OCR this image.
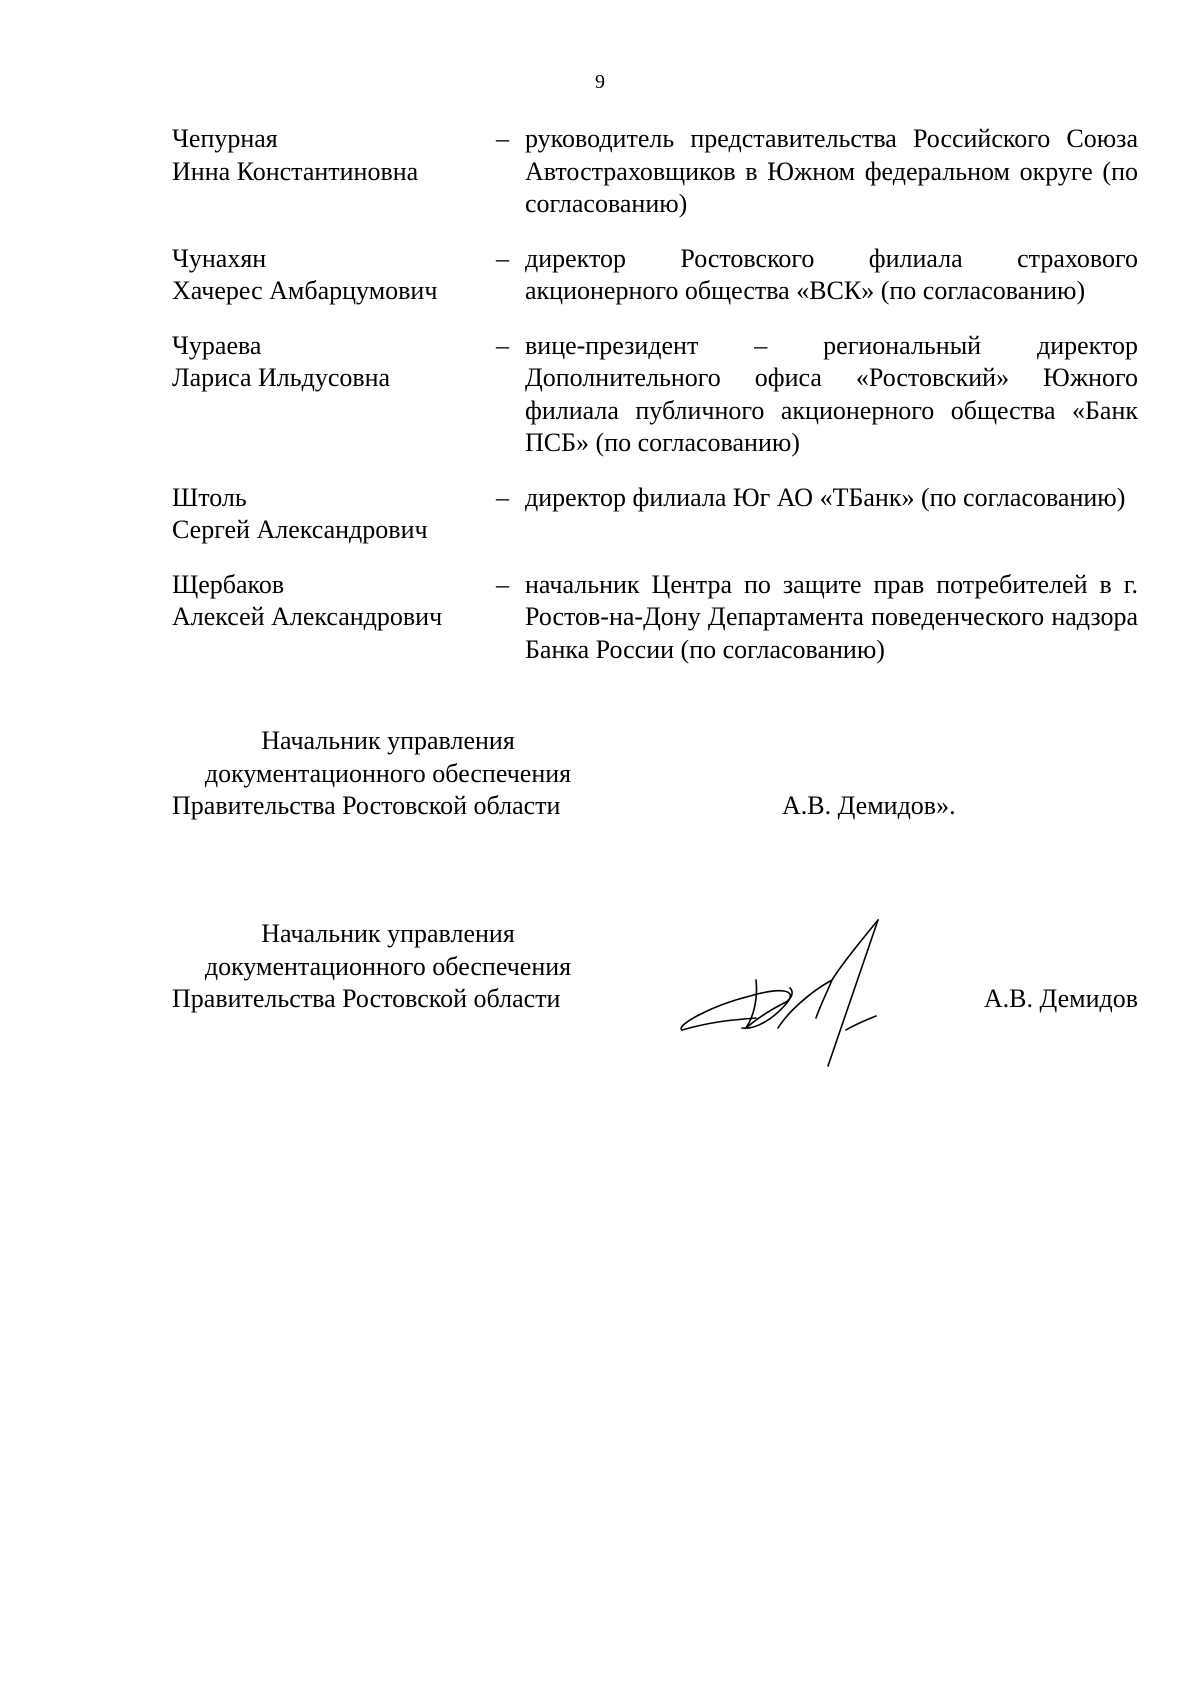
9
Чепурная
Инна Константиновна
– руководитель представительства Российского Союза Автостраховщиков в Южном федеральном округе (по согласованию)
Чунахян
Хачерес Амбарцумович
– директор Ростовского филиала страхового акционерного общества «ВСК» (по согласованию)
Чураева
Лариса Ильдусовна
– вице-президент – региональный директор Дополнительного офиса «Ростовский» Южного филиала публичного акционерного общества «Банк ПСБ» (по согласованию)
Штоль
Сергей Александрович
– директор филиала Юг АО «ТБанк» (по согласованию)
Щербаков
Алексей Александрович
– начальник Центра по защите прав потребителей в г. Ростов-на-Дону Департамента поведенческого надзора Банка России (по согласованию)
Начальник управления
документационного обеспечения
Правительства Ростовской области	А.В. Демидов».
Начальник управления
документационного обеспечения
Правительства Ростовской области	А.В. Демидов
